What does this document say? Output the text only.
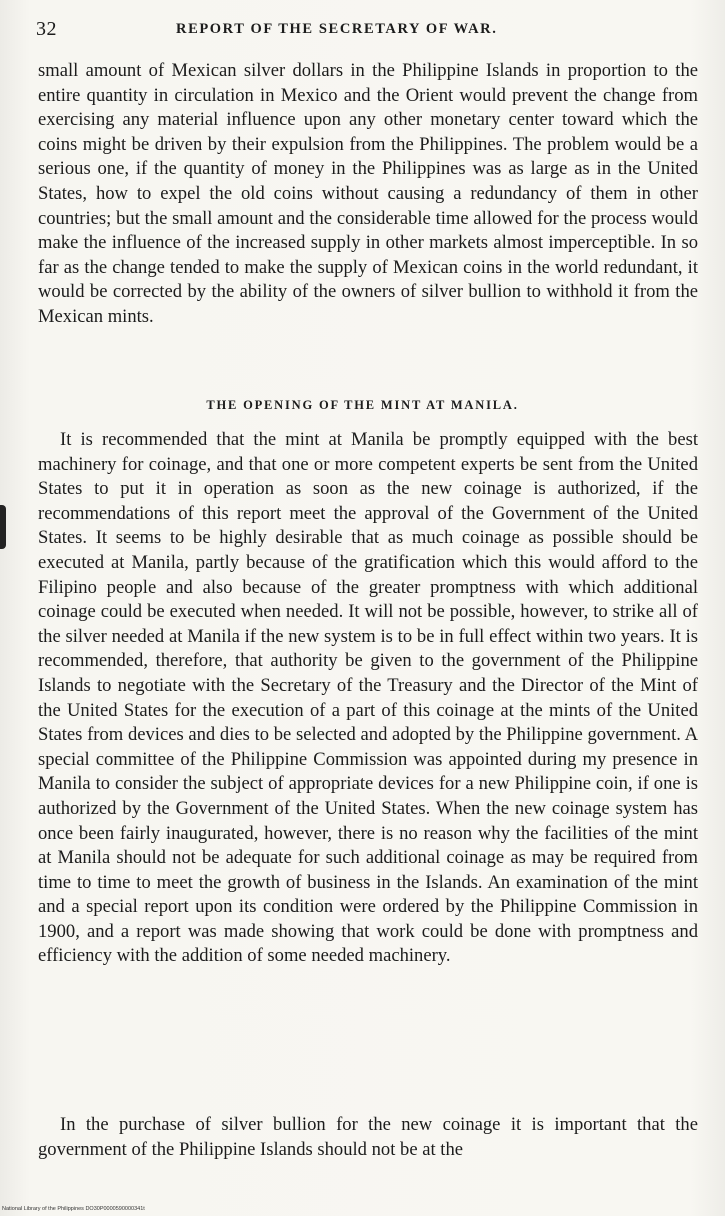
32	REPORT OF THE SECRETARY OF WAR.

small amount of Mexican silver dollars in the Philippine Islands in proportion to the entire quantity in circulation in Mexico and the Orient would prevent the change from exercising any material influence upon any other monetary center toward which the coins might be driven by their expulsion from the Philippines. The problem would be a serious one, if the quantity of money in the Philippines was as large as in the United States, how to expel the old coins without causing a redundancy of them in other countries; but the small amount and the considerable time allowed for the process would make the influence of the increased supply in other markets almost imperceptible. In so far as the change tended to make the supply of Mexican coins in the world redundant, it would be corrected by the ability of the owners of silver bullion to withhold it from the Mexican mints.

THE OPENING OF THE MINT AT MANILA.

It is recommended that the mint at Manila be promptly equipped with the best machinery for coinage, and that one or more competent experts be sent from the United States to put it in operation as soon as the new coinage is authorized, if the recommendations of this report meet the approval of the Government of the United States. It seems to be highly desirable that as much coinage as possible should be executed at Manila, partly because of the gratification which this would afford to the Filipino people and also because of the greater promptness with which additional coinage could be executed when needed. It will not be possible, however, to strike all of the silver needed at Manila if the new system is to be in full effect within two years. It is recommended, therefore, that authority be given to the government of the Philippine Islands to negotiate with the Secretary of the Treasury and the Director of the Mint of the United States for the execution of a part of this coinage at the mints of the United States from devices and dies to be selected and adopted by the Philippine government. A special committee of the Philippine Commission was appointed during my presence in Manila to consider the subject of appropriate devices for a new Philippine coin, if one is authorized by the Government of the United States. When the new coinage system has once been fairly inaugurated, however, there is no reason why the facilities of the mint at Manila should not be adequate for such additional coinage as may be required from time to time to meet the growth of business in the Islands. An examination of the mint and a special report upon its condition were ordered by the Philippine Commission in 1900, and a report was made showing that work could be done with promptness and efficiency with the addition of some needed machinery.

In the purchase of silver bullion for the new coinage it is important that the government of the Philippine Islands should not be at the

National Library of the Philippines DO30P0000590000341t
